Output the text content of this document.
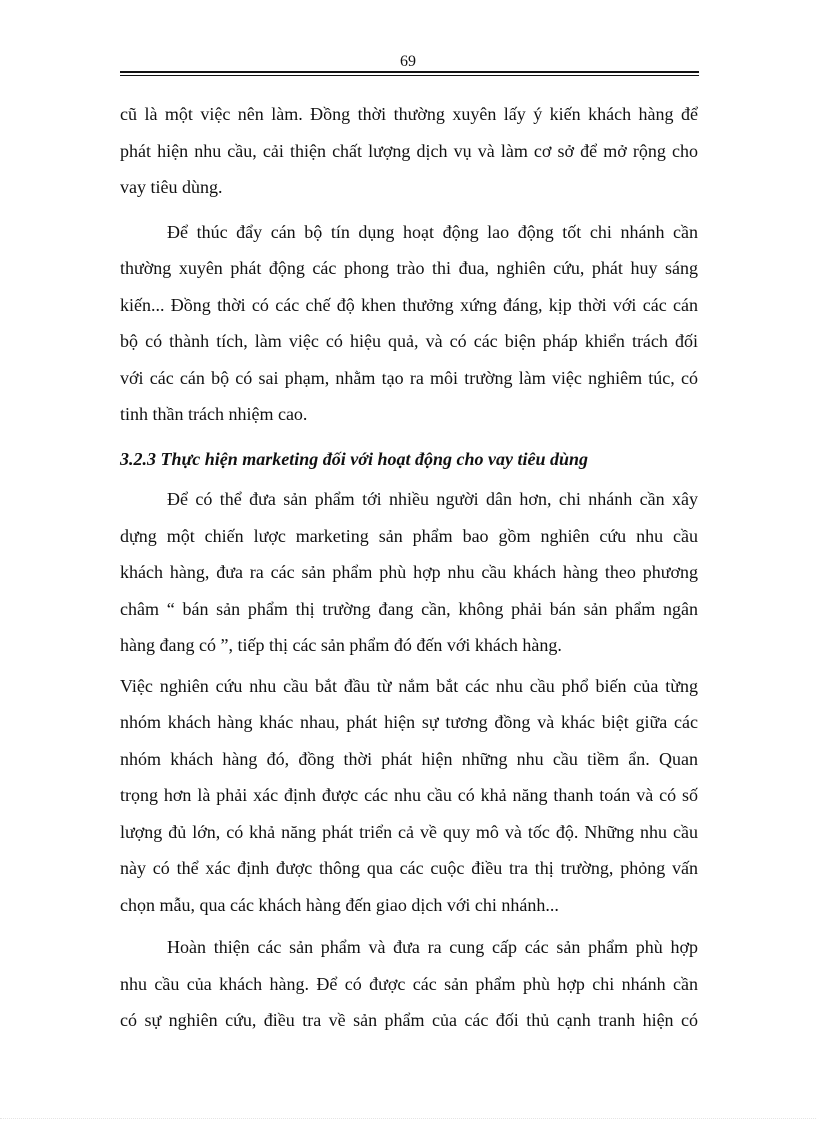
69

cũ là một việc nên làm. Đồng thời thường xuyên lấy ý kiến khách hàng để
phát hiện nhu cầu, cải thiện chất lượng dịch vụ và làm cơ sở để mở rộng cho
vay tiêu dùng.

Để thúc đẩy cán bộ tín dụng hoạt động lao động tốt chi nhánh cần
thường xuyên phát động các phong trào thi đua, nghiên cứu, phát huy sáng
kiến... Đồng thời có các chế độ khen thưởng xứng đáng, kịp thời với các cán
bộ có thành tích, làm việc có hiệu quả, và có các biện pháp khiển trách đối
với các cán bộ có sai phạm, nhằm tạo ra môi trường làm việc nghiêm túc, có
tinh thần trách nhiệm cao.

3.2.3 Thực hiện marketing đối với hoạt động cho vay tiêu dùng

Để có thể đưa sản phẩm tới nhiều người dân hơn, chi nhánh cần xây
dựng một chiến lược marketing sản phẩm bao gồm nghiên cứu nhu cầu
khách hàng, đưa ra các sản phẩm phù hợp nhu cầu khách hàng theo phương
châm “ bán sản phẩm thị trường đang cần, không phải bán sản phẩm ngân
hàng đang có ”, tiếp thị các sản phẩm đó đến với khách hàng.

Việc nghiên cứu nhu cầu bắt đầu từ nắm bắt các nhu cầu phổ biến của từng
nhóm khách hàng khác nhau, phát hiện sự tương đồng và khác biệt giữa các
nhóm khách hàng đó, đồng thời phát hiện những nhu cầu tiềm ẩn. Quan
trọng hơn là phải xác định được các nhu cầu có khả năng thanh toán và có số
lượng đủ lớn, có khả năng phát triển cả về quy mô và tốc độ. Những nhu cầu
này có thể xác định được thông qua các cuộc điều tra thị trường, phỏng vấn
chọn mẫu, qua các khách hàng đến giao dịch với chi nhánh...

Hoàn thiện các sản phẩm và đưa ra cung cấp các sản phẩm phù hợp
nhu cầu của khách hàng. Để có được các sản phẩm phù hợp chi nhánh cần
có sự nghiên cứu, điều tra về sản phẩm của các đối thủ cạnh tranh hiện có
